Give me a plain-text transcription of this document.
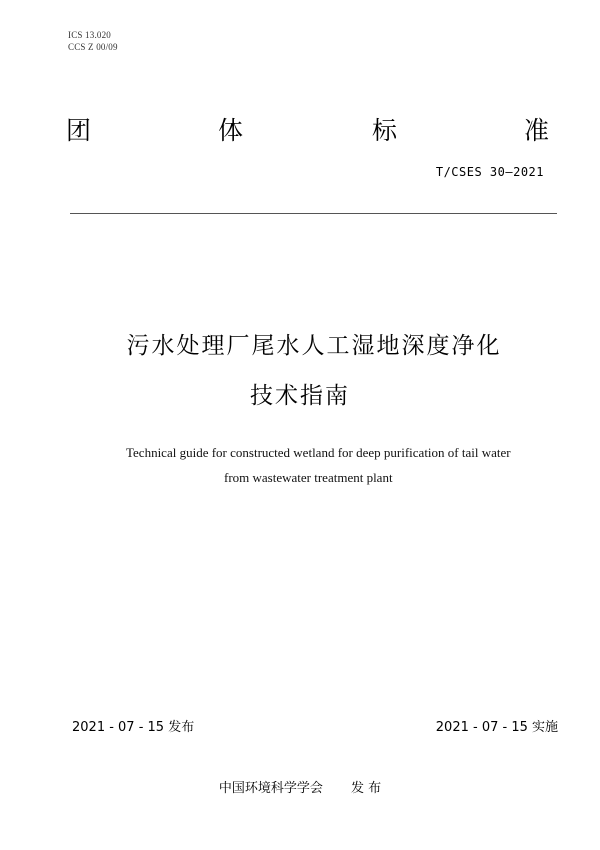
ICS 13.020
CCS Z 00/09
团	体	标	准
T/CSES 30—2021
污水处理厂尾水人工湿地深度净化
技术指南
Technical guide for constructed wetland for deep purification of tail water
from wastewater treatment plant
2021 - 07 - 15 发布	2021 - 07 - 15 实施
中国环境科学学会 发 布
